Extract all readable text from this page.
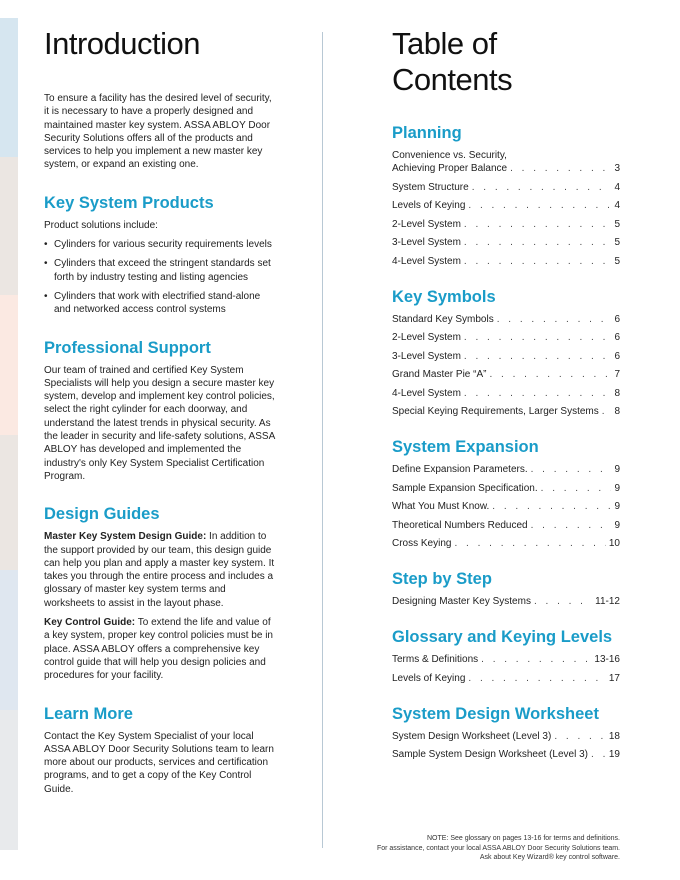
Introduction

To ensure a facility has the desired level of security, it is necessary to have a properly designed and maintained master key system. ASSA ABLOY Door Security Solutions offers all of the products and services to help you implement a new master key system, or expand an existing one.

Key System Products

Product solutions include:

• Cylinders for various security requirements levels
• Cylinders that exceed the stringent standards set forth by industry testing and listing agencies
• Cylinders that work with electrified stand-alone and networked access control systems
Professional Support

Our team of trained and certified Key System Specialists will help you design a secure master key system, develop and implement key control policies, select the right cylinder for each doorway, and understand the latest trends in physical security. As the leader in security and life-safety solutions, ASSA ABLOY has developed and implemented the industry's only Key System Specialist Certification Program.

Design Guides

Master Key System Design Guide: In addition to the support provided by our team, this design guide can help you plan and apply a master key system. It takes you through the entire process and includes a glossary of master key system terms and worksheets to assist in the layout phase.

Key Control Guide: To extend the life and value of a key system, proper key control policies must be in place. ASSA ABLOY offers a comprehensive key control guide that will help you design policies and procedures for your facility.

Learn More

Contact the Key System Specialist of your local ASSA ABLOY Door Security Solutions team to learn more about our products, services and certification programs, and to get a copy of the Key Control Guide.

Table of Contents
Planning
Convenience vs. Security,
Achieving Proper Balance . . .	3
System Structure . . .	4
Levels of Keying . . .	4
2-Level System . . .	5
3-Level System . . .	5
4-Level System . . .	5
Key Symbols
Standard Key Symbols . . .	6
2-Level System . . .	6
3-Level System . . .	6
Grand Master Pie “A” . . .	7
4-Level System . . .	8
Special Keying Requirements, Larger Systems . . . 8
System Expansion
Define Expansion Parameters. . . .	9
Sample Expansion Specification. . . .	9
What You Must Know. . . .	9
Theoretical Numbers Reduced . . .	9
Cross Keying . . .	10
Step by Step
Designing Master Key Systems . . .	11-12
Glossary and Keying Levels
Terms & Definitions . . .	13-16
Levels of Keying . . .	17
System Design Worksheet
System Design Worksheet (Level 3) . . .	18
Sample System Design Worksheet (Level 3) . . . 19
NOTE: See glossary on pages 13-16 for terms and definitions.
For assistance, contact your local ASSA ABLOY Door Security Solutions team.
Ask about Key Wizard® key control software.
